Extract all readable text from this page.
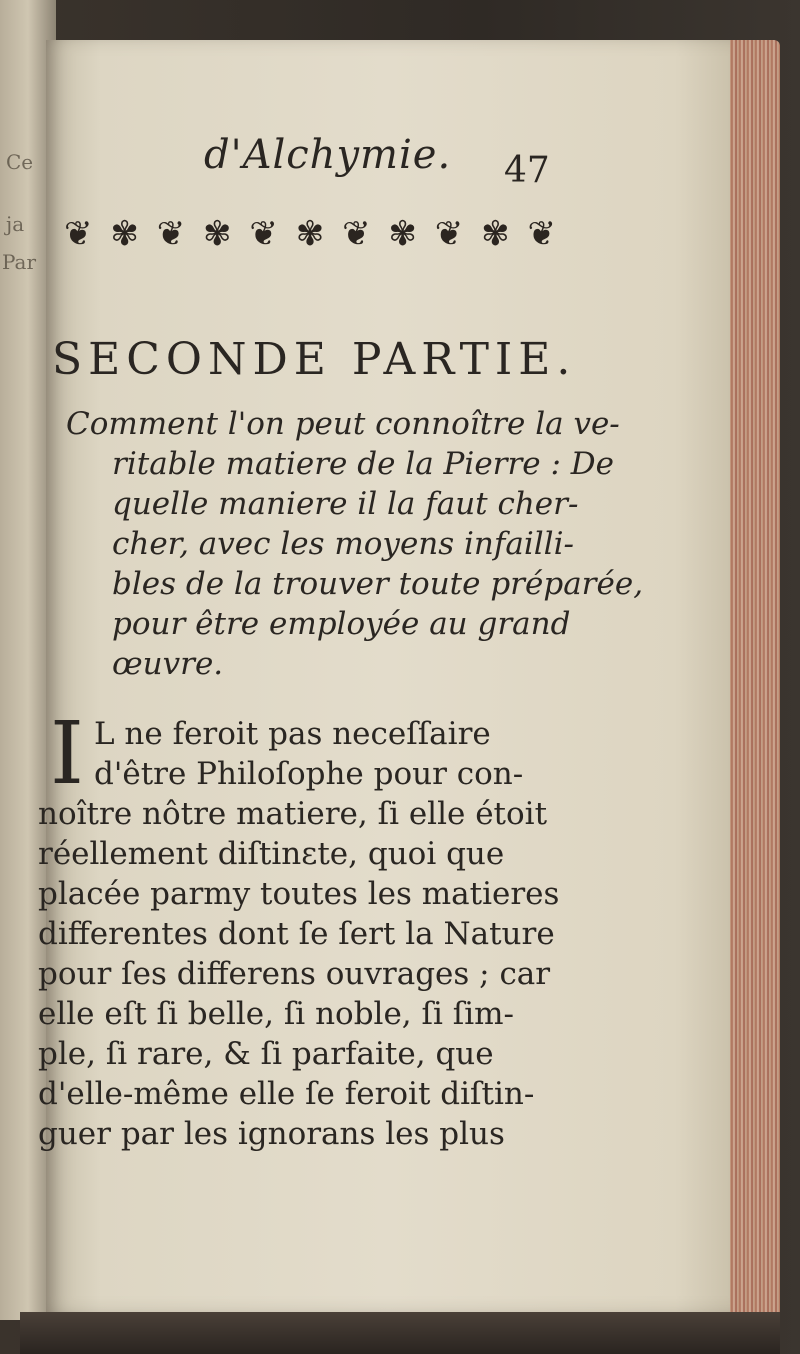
Ce
ja
Par
d'Alchymie. 47
❦ ✾ ❦ ✾ ❦ ✾ ❦ ✾ ❦ ✾ ❦
SECONDE PARTIE.
Comment l'on peut connoître la ve-
ritable matiere de la Pierre : De
quelle maniere il la faut cher-
cher, avec les moyens infailli-
bles de la trouver toute préparée,
pour être employée au grand
œuvre.
I L ne feroit pas neceſſaire
d'être Philoſophe pour con-
noître nôtre matiere, ſi elle étoit
réellement diſtinɛte, quoi que
placée parmy toutes les matieres
differentes dont ſe ſert la Nature
pour ſes differens ouvrages ; car
elle eſt ſi belle, ſi noble, ſi ſim-
ple, ſi rare, & ſi parfaite, que
d'elle-même elle ſe feroit diſtin-
guer par les ignorans les plus
